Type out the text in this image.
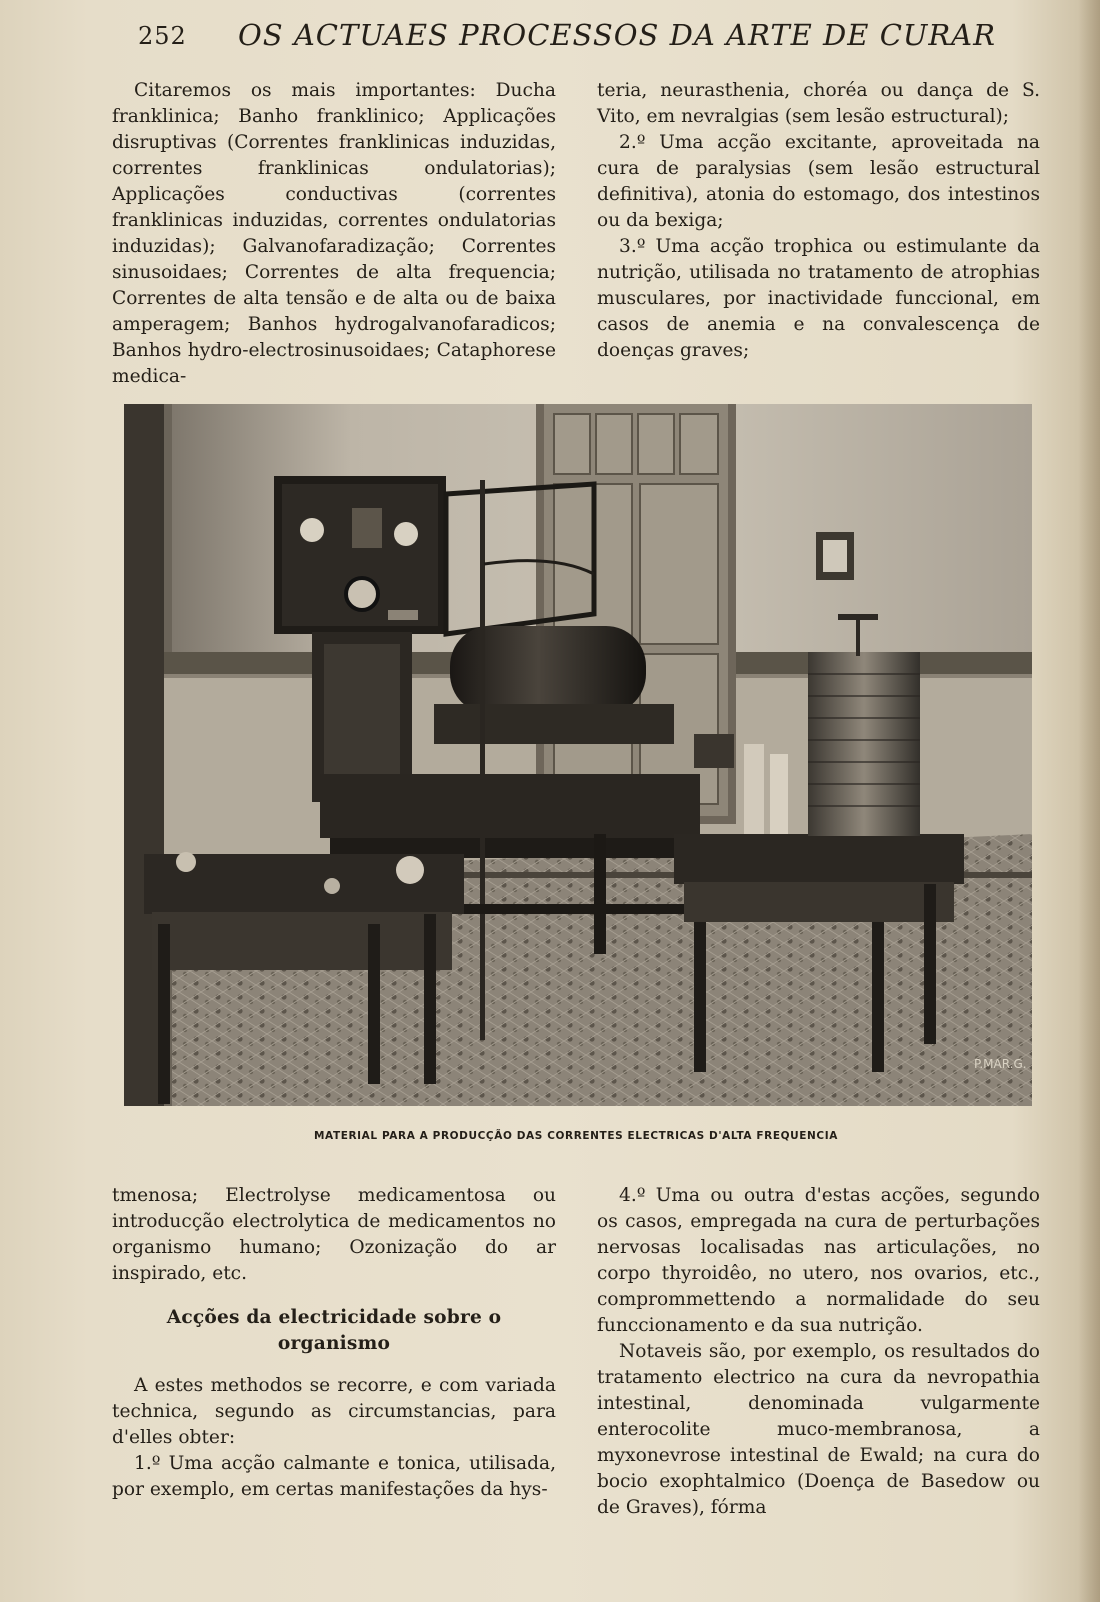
252 OS ACTUAES PROCESSOS DA ARTE DE CURAR

Citaremos os mais importantes: Ducha franklinica; Banho franklinico; Applicações disruptivas (Correntes franklinicas induzidas, correntes franklinicas ondulatorias); Applicações conductivas (correntes franklinicas induzidas, correntes ondulatorias induzidas); Galvanofaradização; Correntes sinusoidaes; Correntes de alta frequencia; Correntes de alta tensão e de alta ou de baixa amperagem; Banhos hydrogalvanofaradicos; Banhos hydro-electrosinusoidaes; Cataphorese medica-

teria, neurasthenia, choréa ou dança de S. Vito, em nevralgias (sem lesão estructural);

2.º Uma acção excitante, aproveitada na cura de paralysias (sem lesão estructural definitiva), atonia do estomago, dos intestinos ou da bexiga;

3.º Uma acção trophica ou estimulante da nutrição, utilisada no tratamento de atrophias musculares, por inactividade funccional, em casos de anemia e na convalescença de doenças graves;

P.MAR.G.
MATERIAL PARA A PRODUCÇÃO DAS CORRENTES ELECTRICAS D'ALTA FREQUENCIA

tmenosa; Electrolyse medicamentosa ou introducção electrolytica de medicamentos no organismo humano; Ozonização do ar inspirado, etc.

Acções da electricidade sobre o organismo

A estes methodos se recorre, e com variada technica, segundo as circumstancias, para d'elles obter:

1.º Uma acção calmante e tonica, utilisada, por exemplo, em certas manifestações da hys-

4.º Uma ou outra d'estas acções, segundo os casos, empregada na cura de perturbações nervosas localisadas nas articulações, no corpo thyroidêo, no utero, nos ovarios, etc., comprommettendo a normalidade do seu funccionamento e da sua nutrição.

Notaveis são, por exemplo, os resultados do tratamento electrico na cura da nevropathia intestinal, denominada vulgarmente enterocolite muco-membranosa, a myxonevrose intestinal de Ewald; na cura do bocio exophtalmico (Doença de Basedow ou de Graves), fórma
